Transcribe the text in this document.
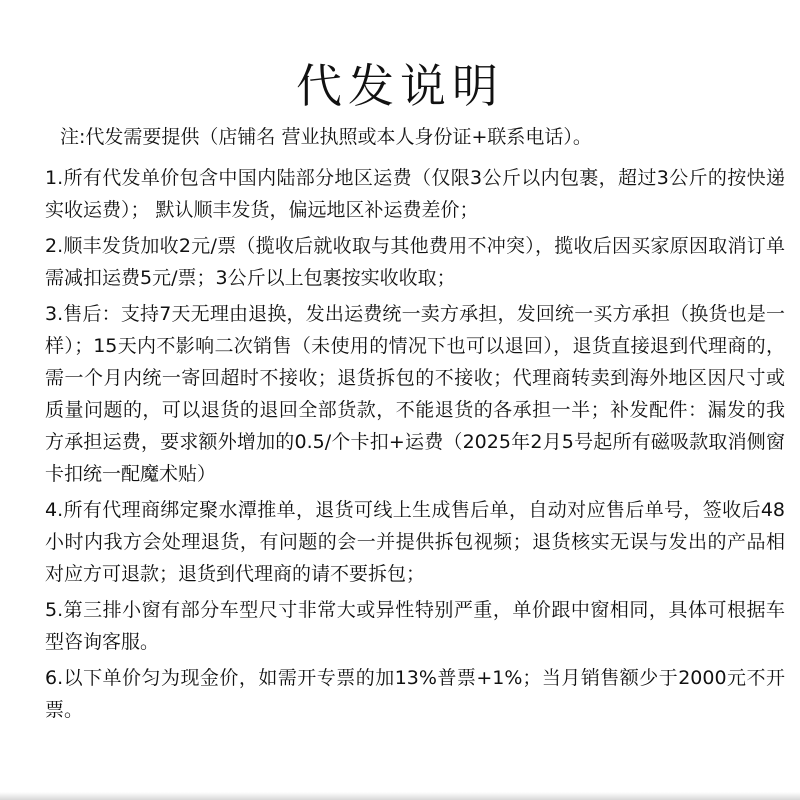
代发说明
注:代发需要提供（店铺名 营业执照或本人身份证+联系电话）。

1.所有代发单价包含中国内陆部分地区运费（仅限3公斤以内包裹，超过3公斤的按快递实收运费）； 默认顺丰发货，偏远地区补运费差价；

2.顺丰发货加收2元/票（揽收后就收取与其他费用不冲突），揽收后因买家原因取消订单需减扣运费5元/票；3公斤以上包裹按实收收取；

3.售后：支持7天无理由退换，发出运费统一卖方承担，发回统一买方承担（换货也是一样）；15天内不影响二次销售（未使用的情况下也可以退回），退货直接退到代理商的，需一个月内统一寄回超时不接收；退货拆包的不接收；代理商转卖到海外地区因尺寸或质量问题的，可以退货的退回全部货款，不能退货的各承担一半；补发配件：漏发的我方承担运费，要求额外增加的0.5/个卡扣+运费（2025年2月5号起所有磁吸款取消侧窗卡扣统一配魔术贴）

4.所有代理商绑定聚水潭推单，退货可线上生成售后单，自动对应售后单号，签收后48小时内我方会处理退货，有问题的会一并提供拆包视频；退货核实无误与发出的产品相对应方可退款；退货到代理商的请不要拆包；

5.第三排小窗有部分车型尺寸非常大或异性特别严重，单价跟中窗相同，具体可根据车型咨询客服。

6.以下单价匀为现金价，如需开专票的加13%普票+1%；当月销售额少于2000元不开票。
